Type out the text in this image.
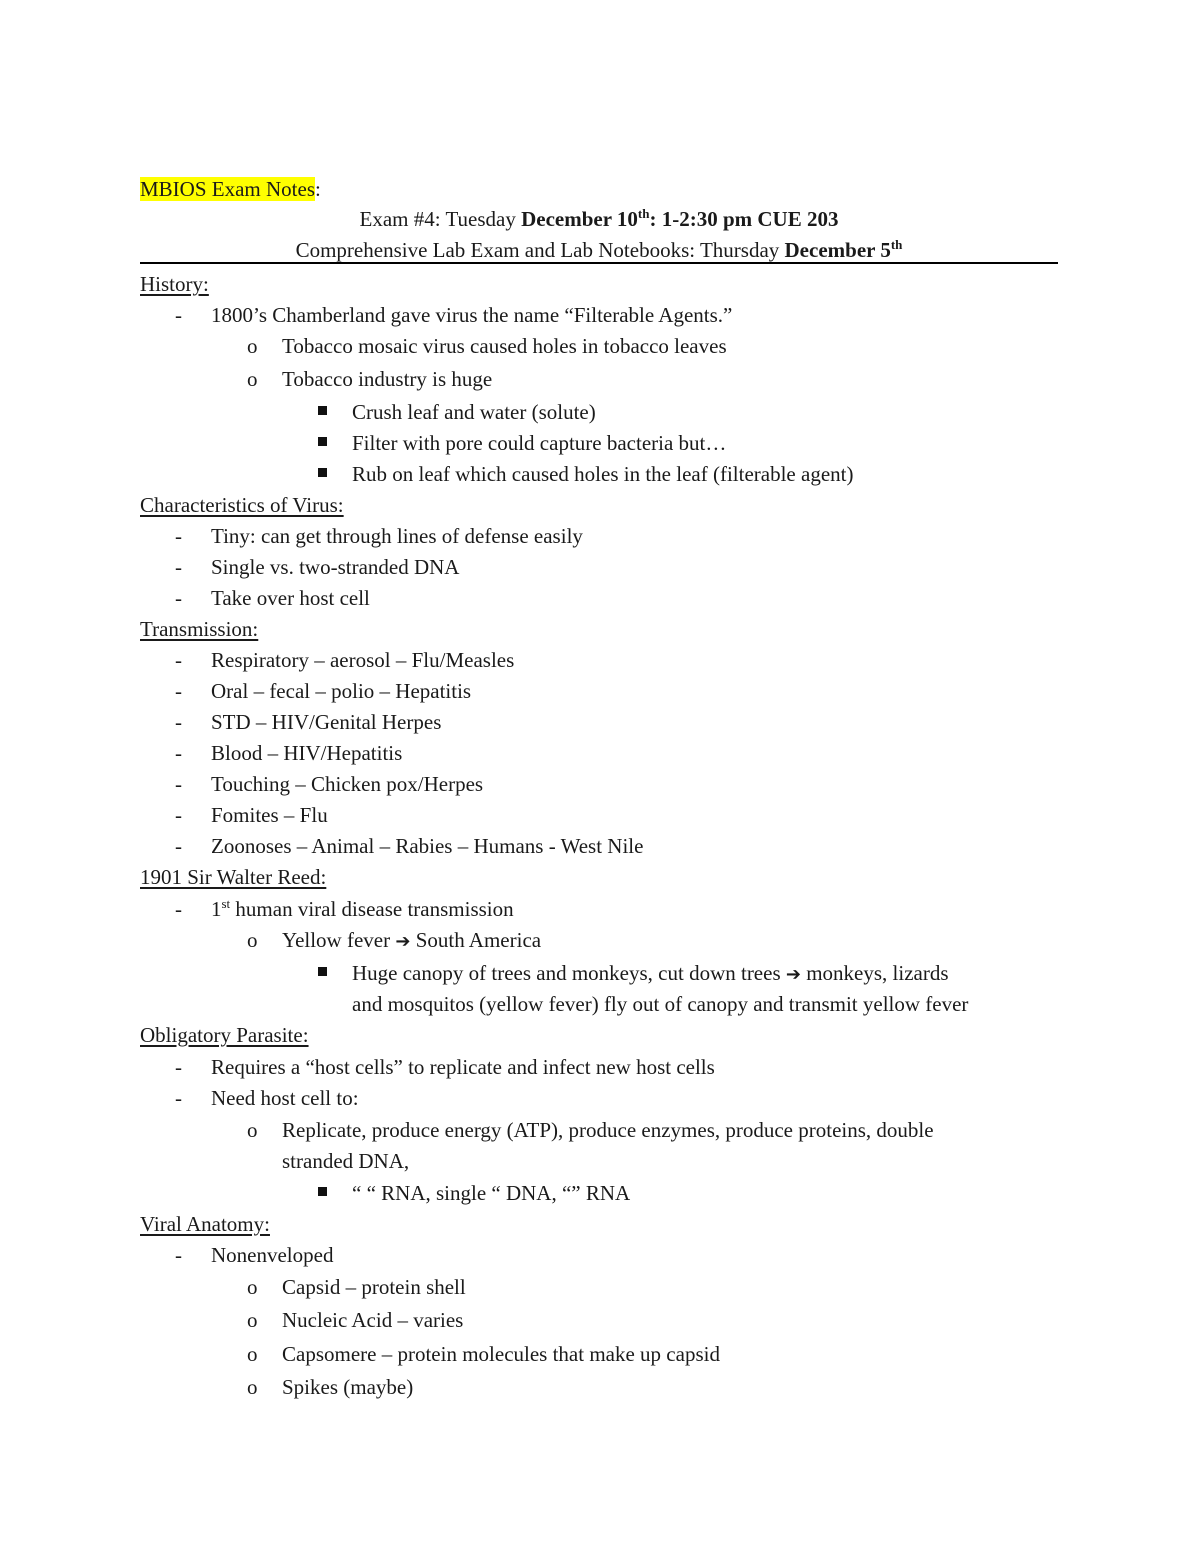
MBIOS Exam Notes:
Exam #4: Tuesday December 10th: 1-2:30 pm CUE 203
Comprehensive Lab Exam and Lab Notebooks: Thursday December 5th
History:
-	1800’s Chamberland gave virus the name “Filterable Agents.”
o	Tobacco mosaic virus caused holes in tobacco leaves
o	Tobacco industry is huge
Crush leaf and water (solute)
Filter with pore could capture bacteria but…
Rub on leaf which caused holes in the leaf (filterable agent)
Characteristics of Virus:
-	Tiny: can get through lines of defense easily
-	Single vs. two-stranded DNA
-	Take over host cell
Transmission:
-	Respiratory – aerosol – Flu/Measles
-	Oral – fecal – polio – Hepatitis
-	STD – HIV/Genital Herpes
-	Blood – HIV/Hepatitis
-	Touching – Chicken pox/Herpes
-	Fomites – Flu
-	Zoonoses – Animal – Rabies – Humans - West Nile
1901 Sir Walter Reed:
-	1st human viral disease transmission
o	Yellow fever ➔ South America
Huge canopy of trees and monkeys, cut down trees ➔ monkeys, lizards
and mosquitos (yellow fever) fly out of canopy and transmit yellow fever
Obligatory Parasite:
-	Requires a “host cells” to replicate and infect new host cells
-	Need host cell to:
o	Replicate, produce energy (ATP), produce enzymes, produce proteins, double
stranded DNA,
“ “ RNA, single “ DNA, “” RNA
Viral Anatomy:
-	Nonenveloped
o	Capsid – protein shell
o	Nucleic Acid – varies
o	Capsomere – protein molecules that make up capsid
o	Spikes (maybe)
